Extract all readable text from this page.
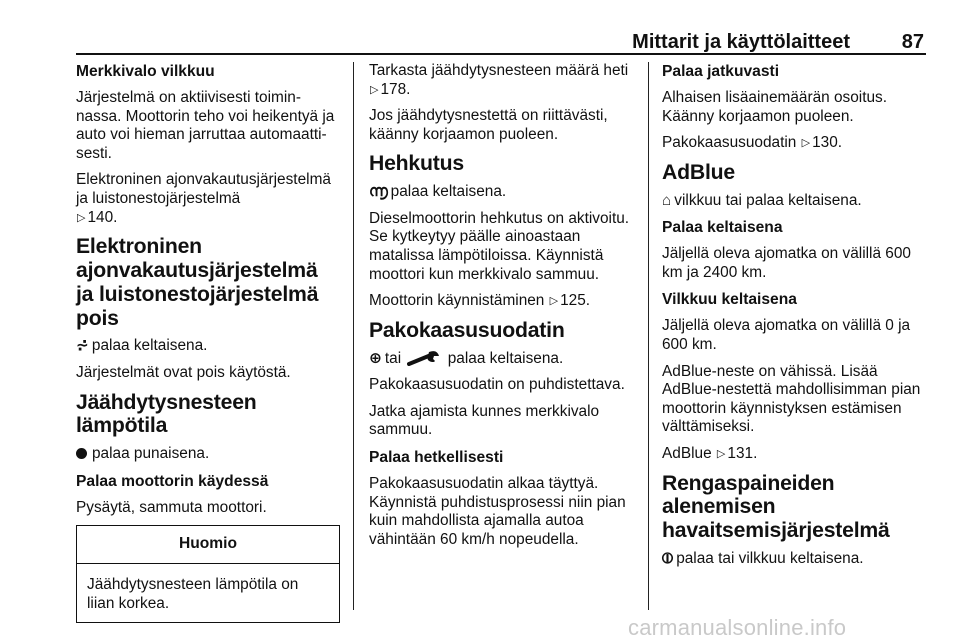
Mittarit ja käyttölaitteet	87
Merkkivalo vilkkuu

Järjestelmä on aktiivisesti toiminnassa. Moottorin teho voi heikentyä ja auto voi hieman jarruttaa automaattisesti.

Elektroninen ajonvakautusjärjestelmä ja luistonestojärjestelmä
▷ 140.

Elektroninen ajonvakautusjärjestelmä ja luistonestojärjestelmä pois

⩫ palaa keltaisena.

Järjestelmät ovat pois käytöstä.

Jäähdytysnesteen lämpötila

palaa punaisena.

Palaa moottorin käydessä

Pysäytä, sammuta moottori.

Huomio
Jäähdytysnesteen lämpötila on liian korkea.

Tarkasta jäähdytysnesteen määrä heti ▷ 178.

Jos jäähdytysnestettä on riittävästi, käänny korjaamon puoleen.

Hehkutus

൬ palaa keltaisena.

Dieselmoottorin hehkutus on aktivoitu. Se kytkeytyy päälle ainoastaan matalissa lämpötiloissa. Käynnistä moottori kun merkkivalo sammuu.

Moottorin käynnistäminen ▷ 125.

Pakokaasusuodatin

⊕ tai	palaa keltaisena.

Pakokaasusuodatin on puhdistettava.

Jatka ajamista kunnes merkkivalo sammuu.

Palaa hetkellisesti

Pakokaasusuodatin alkaa täyttyä. Käynnistä puhdistusprosessi niin pian kuin mahdollista ajamalla autoa vähintään 60 km/h nopeudella.

Palaa jatkuvasti

Alhaisen lisäainemäärän osoitus. Käänny korjaamon puoleen.

Pakokaasusuodatin ▷ 130.

AdBlue

⌂ vilkkuu tai palaa keltaisena.

Palaa keltaisena

Jäljellä oleva ajomatka on välillä 600 km ja 2400 km.

Vilkkuu keltaisena

Jäljellä oleva ajomatka on välillä 0 ja 600 km.

AdBlue-neste on vähissä. Lisää AdBlue-nestettä mahdollisimman pian moottorin käynnistyksen estämisen välttämiseksi.

AdBlue ▷ 131.

Rengaspaineiden alenemisen havaitsemisjärjestelmä

⦶ palaa tai vilkkuu keltaisena.

carmanualsonline.info
